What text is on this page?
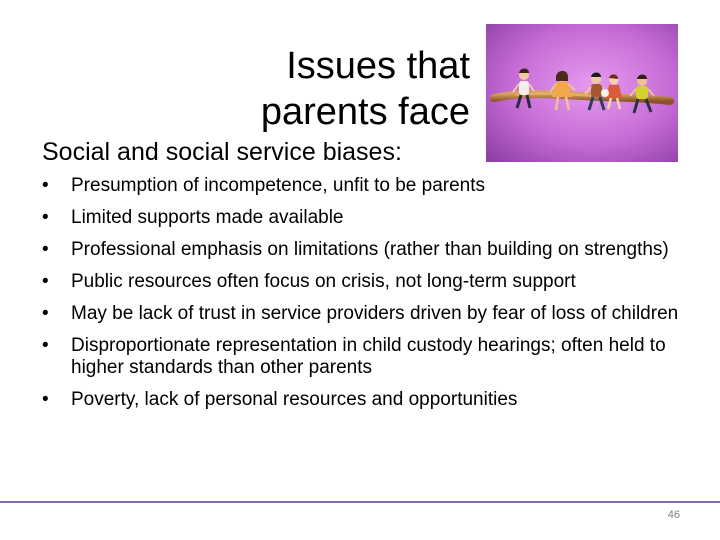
Issues that
parents face
Social and social service biases:
•	Presumption of incompetence, unfit to be parents
•	Limited supports made available
•	Professional emphasis on limitations (rather than building on strengths)
•	Public resources often focus on crisis, not long-term support
•	May be lack of trust in service providers driven by fear of loss of children
•	Disproportionate representation in child custody hearings; often held to higher standards than other parents
•	Poverty, lack of personal resources and opportunities
46
